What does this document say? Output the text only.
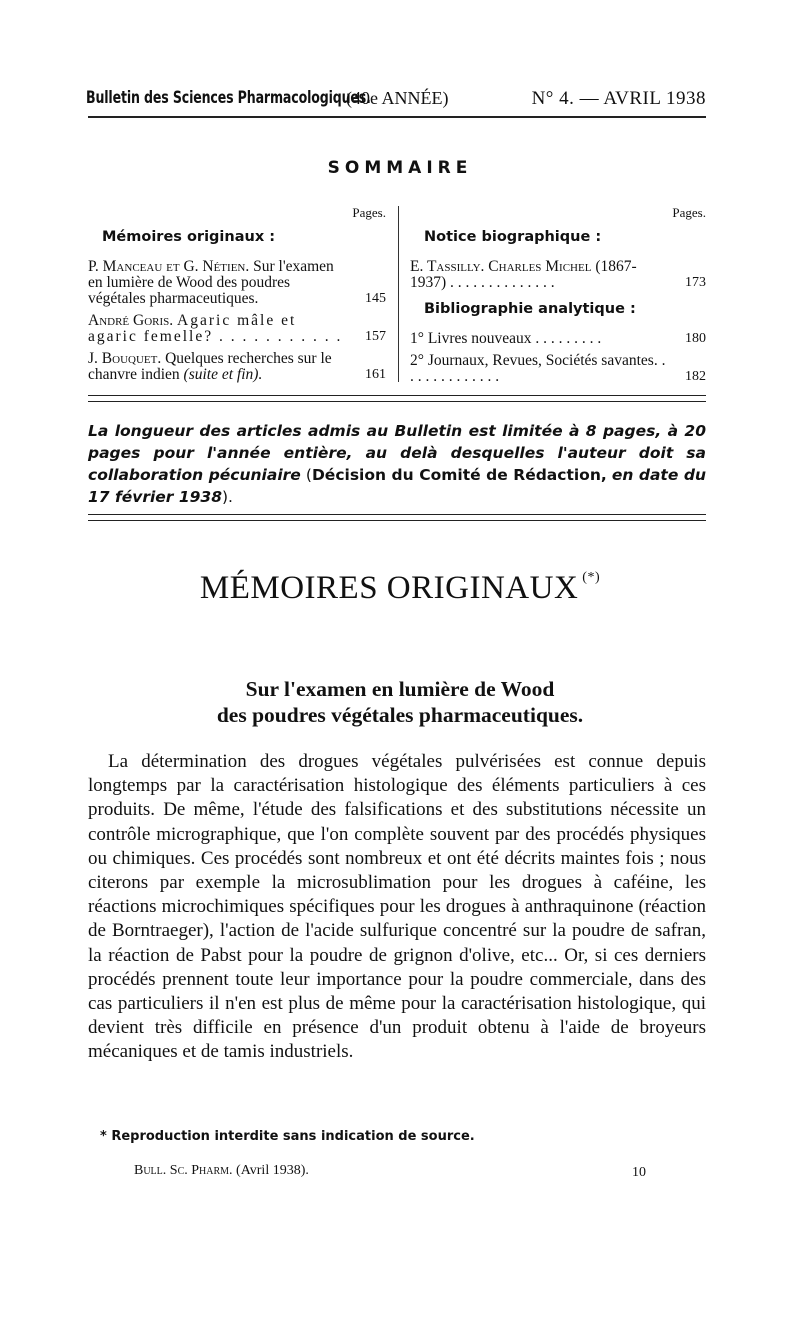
Bulletin des Sciences Pharmacologiques.
(40e ANNÉE)	N° 4. — AVRIL 1938
SOMMAIRE
Pages.
Mémoires originaux :
P. Manceau et G. Nétien. Sur l'examen en lumière de Wood des poudres végétales pharmaceutiques.	145
André Goris. Agaric mâle et agaric femelle? . . . . . . . . . . . 157
J. Bouquet. Quelques recherches sur le chanvre indien (suite et fin).	161
Pages.
Notice biographique :
E. Tassilly. Charles Michel (1867-1937) . . . . . . . . . . . . . .	173
Bibliographie analytique :
1° Livres nouveaux . . . . . . . . .	180
2° Journaux, Revues, Sociétés savantes. . . . . . . . . . . . . .	182
La longueur des articles admis au Bulletin est limitée à 8 pages, à 20 pages pour l'année entière, au delà desquelles l'auteur doit sa collaboration pécuniaire (Décision du Comité de Rédaction, en date du 17 février 1938).
MÉMOIRES ORIGINAUX (*)
Sur l'examen en lumière de Wood
des poudres végétales pharmaceutiques.

La détermination des drogues végétales pulvérisées est connue depuis longtemps par la caractérisation histologique des éléments particuliers à ces produits. De même, l'étude des falsifications et des substitutions nécessite un contrôle micrographique, que l'on complète souvent par des procédés physiques ou chimiques. Ces procédés sont nombreux et ont été décrits maintes fois ; nous citerons par exemple la microsublimation pour les drogues à caféine, les réactions microchimiques spécifiques pour les drogues à anthraquinone (réaction de Borntraeger), l'action de l'acide sulfurique concentré sur la poudre de safran, la réaction de Pabst pour la poudre de grignon d'olive, etc... Or, si ces derniers procédés prennent toute leur importance pour la poudre commerciale, dans des cas particuliers il n'en est plus de même pour la caractérisation histologique, qui devient très difficile en présence d'un produit obtenu à l'aide de broyeurs mécaniques et de tamis industriels.

* Reproduction interdite sans indication de source.
Bull. Sc. Pharm. (Avril 1938).	10
